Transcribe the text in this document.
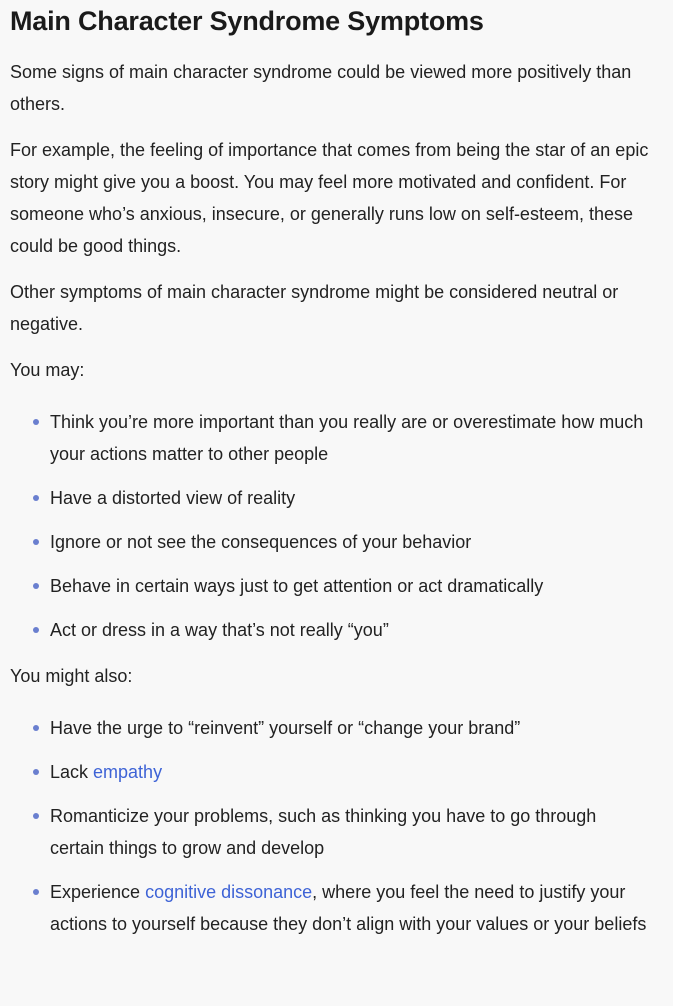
Main Character Syndrome Symptoms

Some signs of main character syndrome could be viewed more positively than others.

For example, the feeling of importance that comes from being the star of an epic story might give you a boost. You may feel more motivated and confident. For someone who’s anxious, insecure, or generally runs low on self-esteem, these could be good things.

Other symptoms of main character syndrome might be considered neutral or negative.

You may:

Think you’re more important than you really are or overestimate how much your actions matter to other people
Have a distorted view of reality
Ignore or not see the consequences of your behavior
Behave in certain ways just to get attention or act dramatically
Act or dress in a way that’s not really “you”

You might also:

Have the urge to “reinvent” yourself or “change your brand”
Lack empathy
Romanticize your problems, such as thinking you have to go through certain things to grow and develop
Experience cognitive dissonance, where you feel the need to justify your actions to yourself because they don’t align with your values or your beliefs
